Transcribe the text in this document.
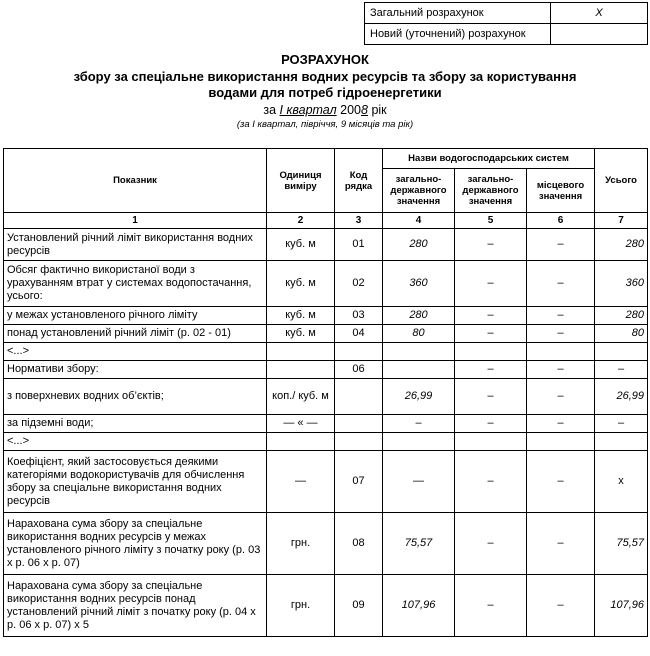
Загальний розрахунок	X
Новий (уточнений) розрахунок	
РОЗРАХУНОК
збору за спеціальне використання водних ресурсів та збору за користування
водами для потреб гідроенергетики
за І квартал 2008 рік
(за І квартал, півріччя, 9 місяців та рік)
Показник	Одиниця виміру	Код рядка	Назви водогосподарських систем			Усього
			загально-державного значення	загально-державного значення	місцевого значення	
1	2	3	4	5	6	7
Установлений річний ліміт використання водних ресурсів	куб. м	01	280	–	–	280
Обсяг фактично використаної води з урахуванням втрат у системах водопостачання, усього:	куб. м	02	360	–	–	360
у межах установленого річного ліміту	куб. м	03	280	–	–	280
понад установлений річний ліміт (р. 02 - 01)	куб. м	04	80	–	–	80
<...>						
Нормативи збору:		06		–	–	–
з поверхневих водних об’єктів;	коп./ куб. м		26,99	–	–	26,99
за підземні води;	— « —		–	–	–	–
<...>						
Коефіцієнт, який застосовується деякими категоріями водокористувачів для обчислення збору за спеціальне використання водних ресурсів	—	07	—	–	–	x
Нарахована сума збору за спеціальне використання водних ресурсів у межах установленого річного ліміту з початку року (р. 03 х р. 06 х р. 07)	грн.	08	75,57	–	–	75,57
Нарахована сума збору за спеціальне використання водних ресурсів понад установлений річний ліміт з початку року (р. 04 х р. 06 х р. 07) х 5	грн.	09	107,96	–	–	107,96
